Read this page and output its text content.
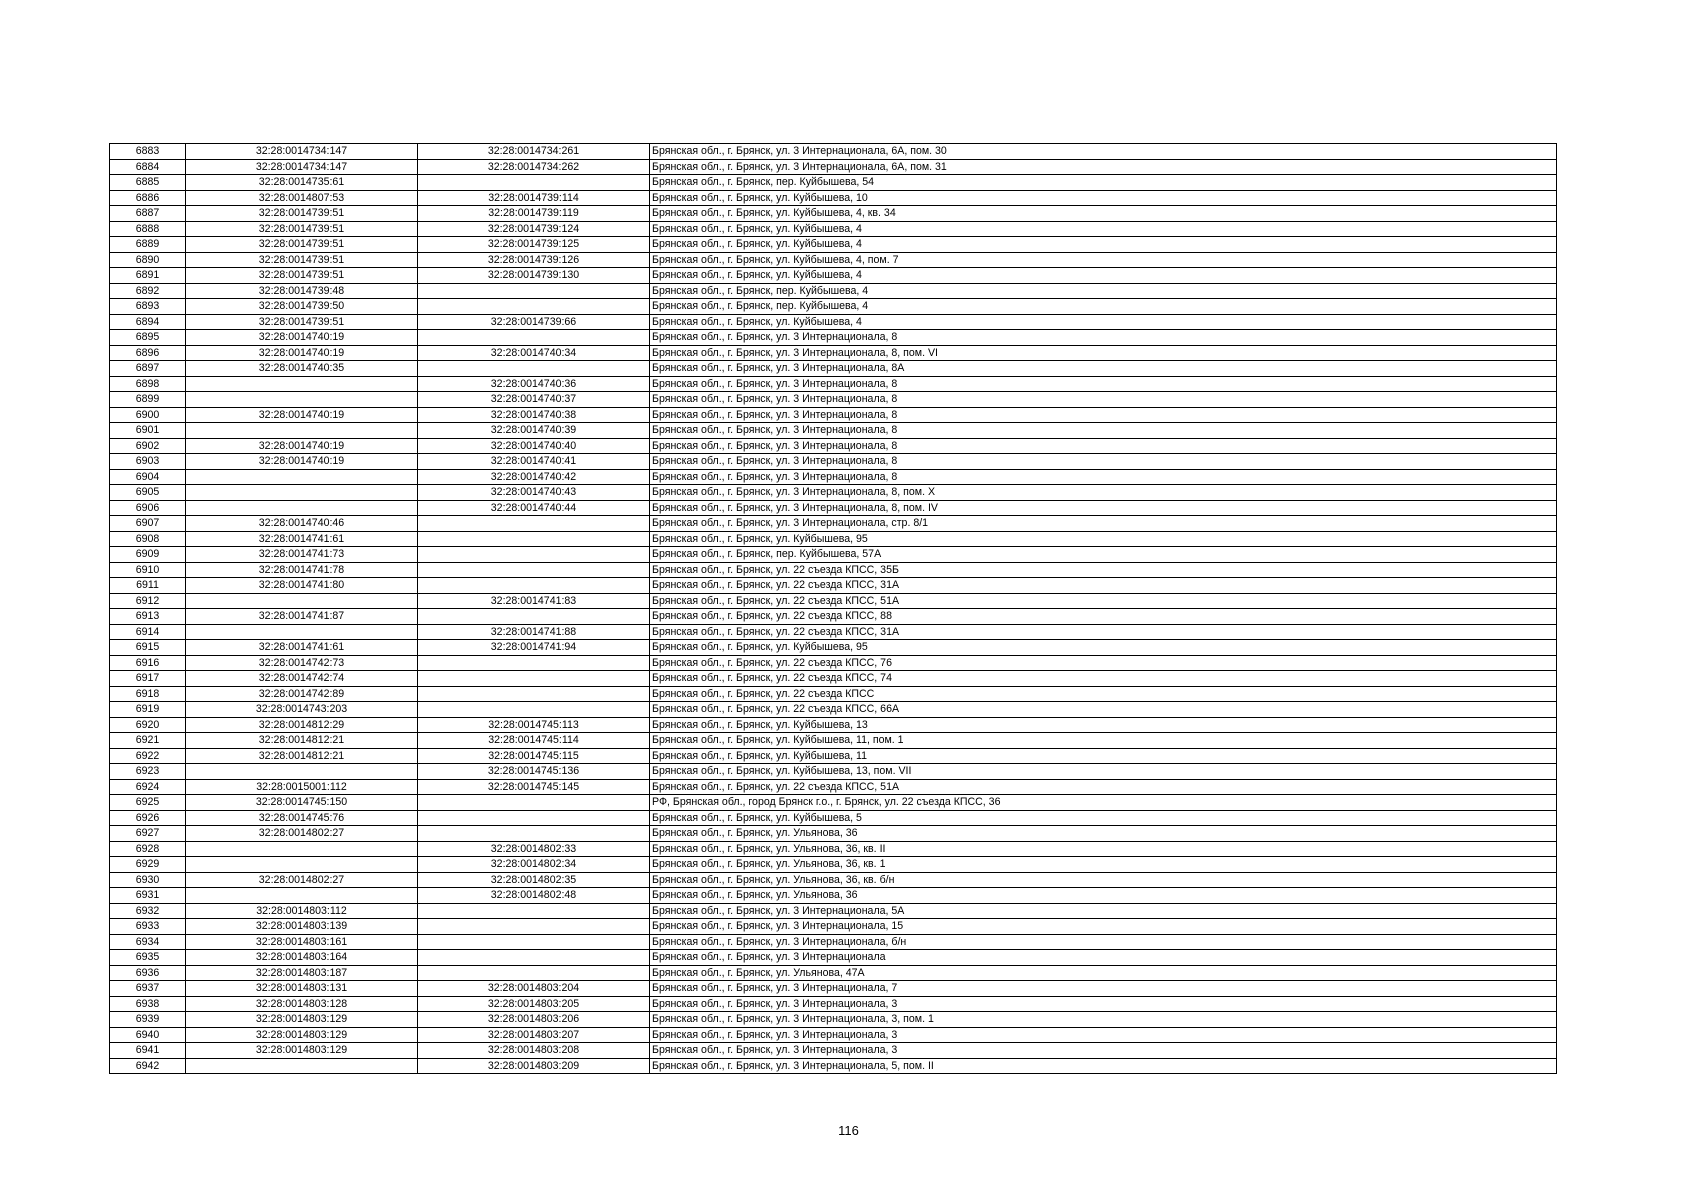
6883	32:28:0014734:147	32:28:0014734:261	Брянская обл., г. Брянск, ул. 3 Интернационала, 6А, пом. 30
6884	32:28:0014734:147	32:28:0014734:262	Брянская обл., г. Брянск, ул. 3 Интернационала, 6А, пом. 31
6885	32:28:0014735:61		Брянская обл., г. Брянск, пер. Куйбышева, 54
6886	32:28:0014807:53	32:28:0014739:114	Брянская обл., г. Брянск, ул. Куйбышева, 10
6887	32:28:0014739:51	32:28:0014739:119	Брянская обл., г. Брянск, ул. Куйбышева, 4, кв. 34
6888	32:28:0014739:51	32:28:0014739:124	Брянская обл., г. Брянск, ул. Куйбышева, 4
6889	32:28:0014739:51	32:28:0014739:125	Брянская обл., г. Брянск, ул. Куйбышева, 4
6890	32:28:0014739:51	32:28:0014739:126	Брянская обл., г. Брянск, ул. Куйбышева, 4, пом. 7
6891	32:28:0014739:51	32:28:0014739:130	Брянская обл., г. Брянск, ул. Куйбышева, 4
6892	32:28:0014739:48		Брянская обл., г. Брянск, пер. Куйбышева, 4
6893	32:28:0014739:50		Брянская обл., г. Брянск, пер. Куйбышева, 4
6894	32:28:0014739:51	32:28:0014739:66	Брянская обл., г. Брянск, ул. Куйбышева, 4
6895	32:28:0014740:19		Брянская обл., г. Брянск, ул. 3 Интернационала, 8
6896	32:28:0014740:19	32:28:0014740:34	Брянская обл., г. Брянск, ул. 3 Интернационала, 8, пом. VI
6897	32:28:0014740:35		Брянская обл., г. Брянск, ул. 3 Интернационала, 8А
6898		32:28:0014740:36	Брянская обл., г. Брянск, ул. 3 Интернационала, 8
6899		32:28:0014740:37	Брянская обл., г. Брянск, ул. 3 Интернационала, 8
6900	32:28:0014740:19	32:28:0014740:38	Брянская обл., г. Брянск, ул. 3 Интернационала, 8
6901		32:28:0014740:39	Брянская обл., г. Брянск, ул. 3 Интернационала, 8
6902	32:28:0014740:19	32:28:0014740:40	Брянская обл., г. Брянск, ул. 3 Интернационала, 8
6903	32:28:0014740:19	32:28:0014740:41	Брянская обл., г. Брянск, ул. 3 Интернационала, 8
6904		32:28:0014740:42	Брянская обл., г. Брянск, ул. 3 Интернационала, 8
6905		32:28:0014740:43	Брянская обл., г. Брянск, ул. 3 Интернационала, 8, пом. X
6906		32:28:0014740:44	Брянская обл., г. Брянск, ул. 3 Интернационала, 8, пом. IV
6907	32:28:0014740:46		Брянская обл., г. Брянск, ул. 3 Интернационала, стр. 8/1
6908	32:28:0014741:61		Брянская обл., г. Брянск, ул. Куйбышева, 95
6909	32:28:0014741:73		Брянская обл., г. Брянск, пер. Куйбышева, 57А
6910	32:28:0014741:78		Брянская обл., г. Брянск, ул. 22 съезда КПСС, 35Б
6911	32:28:0014741:80		Брянская обл., г. Брянск, ул. 22 съезда КПСС, 31А
6912		32:28:0014741:83	Брянская обл., г. Брянск, ул. 22 съезда КПСС, 51А
6913	32:28:0014741:87		Брянская обл., г. Брянск, ул. 22 съезда КПСС, 88
6914		32:28:0014741:88	Брянская обл., г. Брянск, ул. 22 съезда КПСС, 31А
6915	32:28:0014741:61	32:28:0014741:94	Брянская обл., г. Брянск, ул. Куйбышева, 95
6916	32:28:0014742:73		Брянская обл., г. Брянск, ул. 22 съезда КПСС, 76
6917	32:28:0014742:74		Брянская обл., г. Брянск, ул. 22 съезда КПСС, 74
6918	32:28:0014742:89		Брянская обл., г. Брянск, ул. 22 съезда КПСС
6919	32:28:0014743:203		Брянская обл., г. Брянск, ул. 22 съезда КПСС, 66А
6920	32:28:0014812:29	32:28:0014745:113	Брянская обл., г. Брянск, ул. Куйбышева, 13
6921	32:28:0014812:21	32:28:0014745:114	Брянская обл., г. Брянск, ул. Куйбышева, 11, пом. 1
6922	32:28:0014812:21	32:28:0014745:115	Брянская обл., г. Брянск, ул. Куйбышева, 11
6923		32:28:0014745:136	Брянская обл., г. Брянск, ул. Куйбышева, 13, пом. VII
6924	32:28:0015001:112	32:28:0014745:145	Брянская обл., г. Брянск, ул. 22 съезда КПСС, 51А
6925	32:28:0014745:150		РФ, Брянская обл., город Брянск г.о., г. Брянск, ул. 22 съезда КПСС, 36
6926	32:28:0014745:76		Брянская обл., г. Брянск, ул. Куйбышева, 5
6927	32:28:0014802:27		Брянская обл., г. Брянск, ул. Ульянова, 36
6928		32:28:0014802:33	Брянская обл., г. Брянск, ул. Ульянова, 36, кв. II
6929		32:28:0014802:34	Брянская обл., г. Брянск, ул. Ульянова, 36, кв. 1
6930	32:28:0014802:27	32:28:0014802:35	Брянская обл., г. Брянск, ул. Ульянова, 36, кв. б/н
6931		32:28:0014802:48	Брянская обл., г. Брянск, ул. Ульянова, 36
6932	32:28:0014803:112		Брянская обл., г. Брянск, ул. 3 Интернационала, 5А
6933	32:28:0014803:139		Брянская обл., г. Брянск, ул. 3 Интернационала, 15
6934	32:28:0014803:161		Брянская обл., г. Брянск, ул. 3 Интернационала, б/н
6935	32:28:0014803:164		Брянская обл., г. Брянск, ул. 3 Интернационала
6936	32:28:0014803:187		Брянская обл., г. Брянск, ул. Ульянова, 47А
6937	32:28:0014803:131	32:28:0014803:204	Брянская обл., г. Брянск, ул. 3 Интернационала, 7
6938	32:28:0014803:128	32:28:0014803:205	Брянская обл., г. Брянск, ул. 3 Интернационала, 3
6939	32:28:0014803:129	32:28:0014803:206	Брянская обл., г. Брянск, ул. 3 Интернационала, 3, пом. 1
6940	32:28:0014803:129	32:28:0014803:207	Брянская обл., г. Брянск, ул. 3 Интернационала, 3
6941	32:28:0014803:129	32:28:0014803:208	Брянская обл., г. Брянск, ул. 3 Интернационала, 3
6942		32:28:0014803:209	Брянская обл., г. Брянск, ул. 3 Интернационала, 5, пом. II
116
